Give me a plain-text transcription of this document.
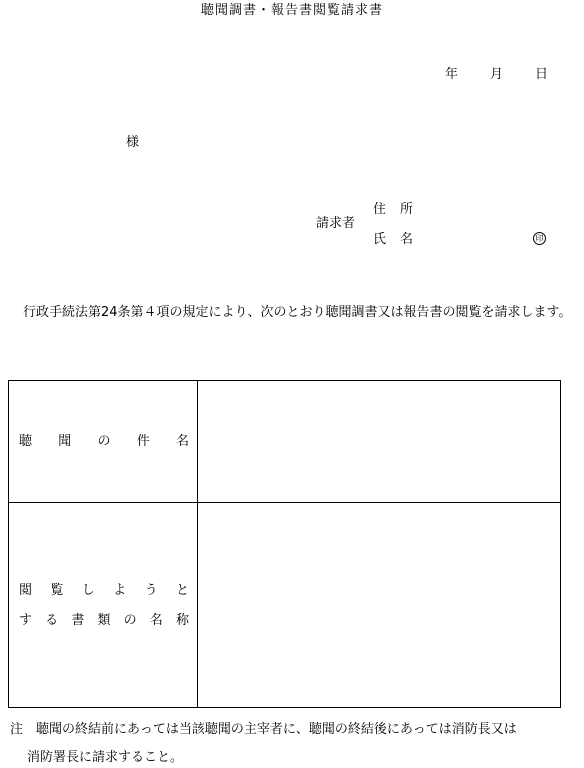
聴聞調書・報告書閲覧請求書
年 月 日
様
請求者
住所
氏名	印
行政手続法第24条第４項の規定により、次のとおり聴聞調書又は報告書の閲覧を請求します。
聴 聞 の 件 名
閲 覧 し よ う と
す る 書 類 の 名 称
注　聴聞の終結前にあっては当該聴聞の主宰者に、聴聞の終結後にあっては消防長又は
消防署長に請求すること。
